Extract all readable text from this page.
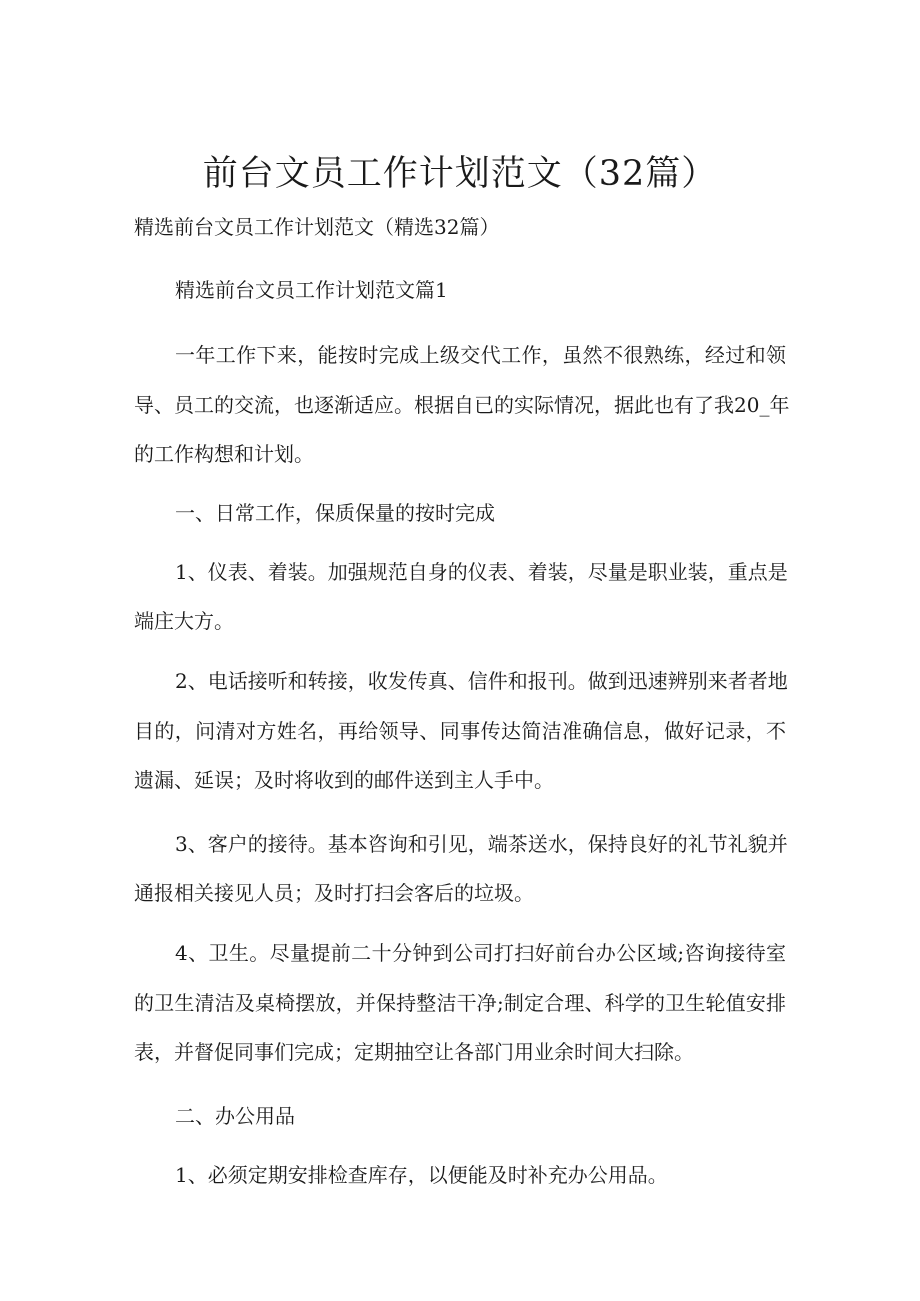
前台文员工作计划范文（32篇）

精选前台文员工作计划范文（精选32篇）

精选前台文员工作计划范文篇1

一年工作下来，能按时完成上级交代工作，虽然不很熟练，经过和领

导、员工的交流，也逐渐适应。根据自已的实际情况，据此也有了我20_年

的工作构想和计划。

一、日常工作，保质保量的按时完成

1、仪表、着装。加强规范自身的仪表、着装，尽量是职业装，重点是

端庄大方。

2、电话接听和转接，收发传真、信件和报刊。做到迅速辨别来者者地

目的，问清对方姓名，再给领导、同事传达简洁准确信息，做好记录，不

遗漏、延误；及时将收到的邮件送到主人手中。

3、客户的接待。基本咨询和引见，端茶送水，保持良好的礼节礼貌并

通报相关接见人员；及时打扫会客后的垃圾。

4、卫生。尽量提前二十分钟到公司打扫好前台办公区域;咨询接待室

的卫生清洁及桌椅摆放，并保持整洁干净;制定合理、科学的卫生轮值安排

表，并督促同事们完成；定期抽空让各部门用业余时间大扫除。

二、办公用品

1、必须定期安排检查库存，以便能及时补充办公用品。
